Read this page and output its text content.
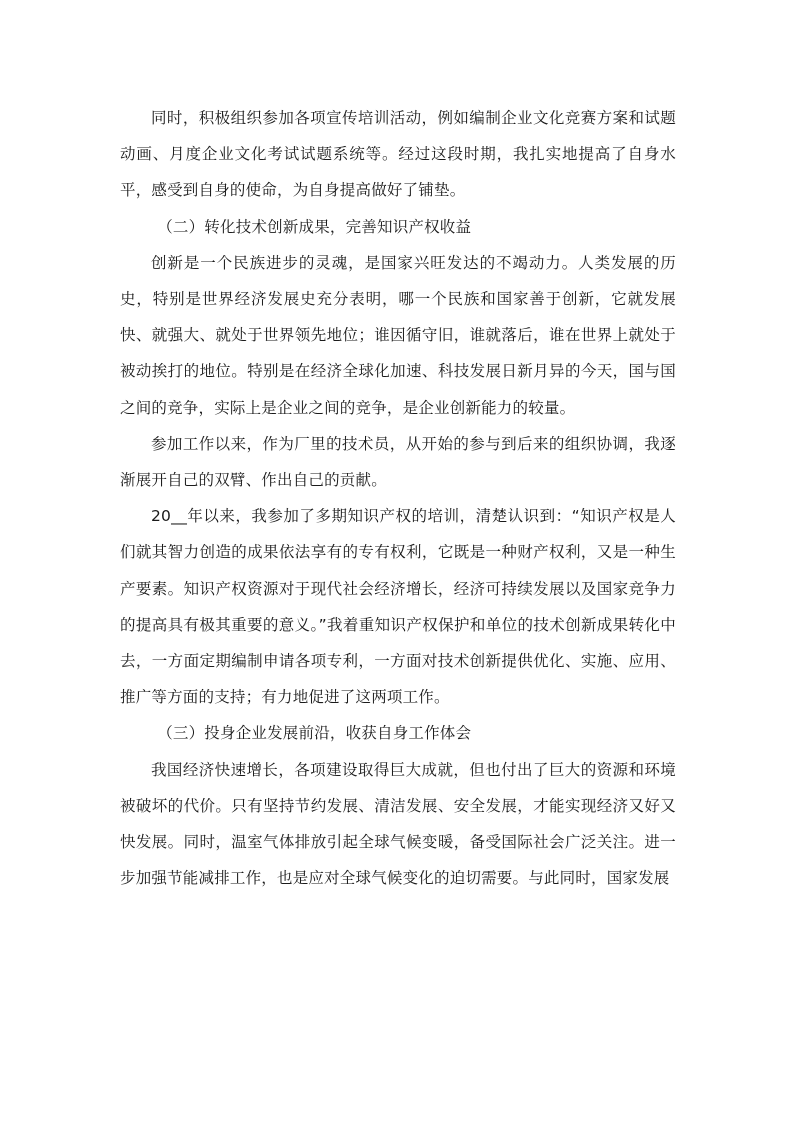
同时，积极组织参加各项宣传培训活动，例如编制企业文化竞赛方案和试题动画、月度企业文化考试试题系统等。经过这段时期，我扎实地提高了自身水平，感受到自身的使命，为自身提高做好了铺垫。

（二）转化技术创新成果，完善知识产权收益

创新是一个民族进步的灵魂，是国家兴旺发达的不竭动力。人类发展的历史，特别是世界经济发展史充分表明，哪一个民族和国家善于创新，它就发展快、就强大、就处于世界领先地位；谁因循守旧，谁就落后，谁在世界上就处于被动挨打的地位。特别是在经济全球化加速、科技发展日新月异的今天，国与国之间的竞争，实际上是企业之间的竞争，是企业创新能力的较量。

参加工作以来，作为厂里的技术员，从开始的参与到后来的组织协调，我逐渐展开自己的双臂、作出自己的贡献。

20__年以来，我参加了多期知识产权的培训，清楚认识到：“知识产权是人们就其智力创造的成果依法享有的专有权利，它既是一种财产权利，又是一种生产要素。知识产权资源对于现代社会经济增长，经济可持续发展以及国家竞争力的提高具有极其重要的意义。”我着重知识产权保护和单位的技术创新成果转化中去，一方面定期编制申请各项专利，一方面对技术创新提供优化、实施、应用、推广等方面的支持；有力地促进了这两项工作。

（三）投身企业发展前沿，收获自身工作体会

我国经济快速增长，各项建设取得巨大成就，但也付出了巨大的资源和环境被破坏的代价。只有坚持节约发展、清洁发展、安全发展，才能实现经济又好又快发展。同时，温室气体排放引起全球气候变暖，备受国际社会广泛关注。进一步加强节能减排工作，也是应对全球气候变化的迫切需要。与此同时，国家发展
